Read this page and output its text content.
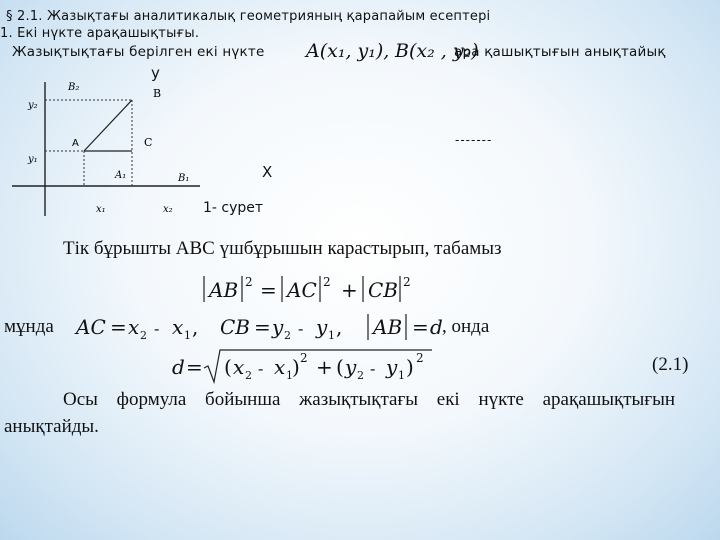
§ 2.1. Жазықтағы аналитикалық геометрияның қарапайым есептері
1. Екі нүкте арақашықтығы.
Жазықтықтағы берілген екі нүкте A(x₁, y₁), B(x₂ , y₂)
ара қашықтығын анықтайық
B₂	B
y₂
A	C
y₁
A₁	B₁
x₁	x₂
у
Х
1- сурет
-------
Тік бұрышты АВС үшбұрышын карастырып, табамыз
AB 2 = AC 2 + CB 2
мұнда AC = x 2 - x 1 , CB = y 2 - y 1 , AB = d , онда
d = ( x 2 - x 1 ) 2 + ( y 2 - y 1 ) 2	(2.1)
Осы формула бойынша жазықтықтағы екі нүкте арақашықтығын
анықтайды.
